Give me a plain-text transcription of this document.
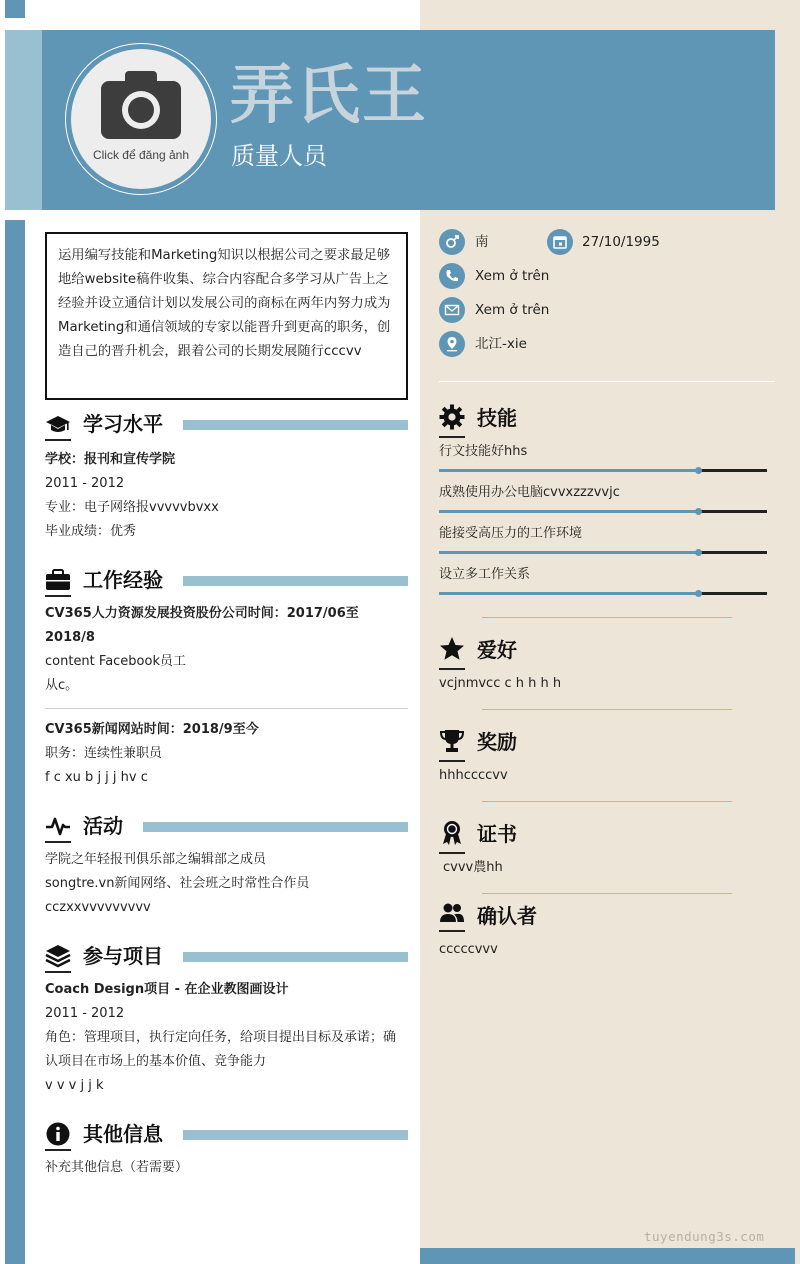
Click để đăng ảnh
弄氏王
质量人员
运用编写技能和Marketing知识以根据公司之要求最足够地给website稿件收集、综合内容配合多学习从广告上之经验并设立通信计划以发展公司的商标在两年内努力成为Marketing和通信领域的专家以能晋升到更高的职务，创造自己的晋升机会，跟着公司的长期发展随行cccvv
学习水平
学校：报刊和宣传学院
2011 - 2012
专业：电子网络报vvvvvbvxx
毕业成绩：优秀
工作经验
CV365人力资源发展投资股份公司时间：2017/06至2018/8
content Facebook员工
从c。
CV365新闻网站时间：2018/9至今
职务：连续性兼职员
f c xu b j j j hv c
活动
学院之年轻报刊俱乐部之编辑部之成员
songtre.vn新闻网络、社会班之时常性合作员
cczxxvvvvvvvvv
参与项目
Coach Design项目 - 在企业教图画设计
2011 - 2012
角色：管理项目，执行定向任务，给项目提出目标及承诺；确认项目在市场上的基本价值、竞争能力
v v v j j k
其他信息
补充其他信息（若需要）
南	27/10/1995
Xem ở trên
Xem ở trên
北江-xie
技能
行文技能好hhs
成熟使用办公电脑cvvxzzzvvjc
能接受高压力的工作环境
设立多工作关系
爱好
vcjnmvcc c h h h h
奖励
hhhccccvv
证书
cvvv農hh
确认者
cccccvvv
tuyendung3s.com
